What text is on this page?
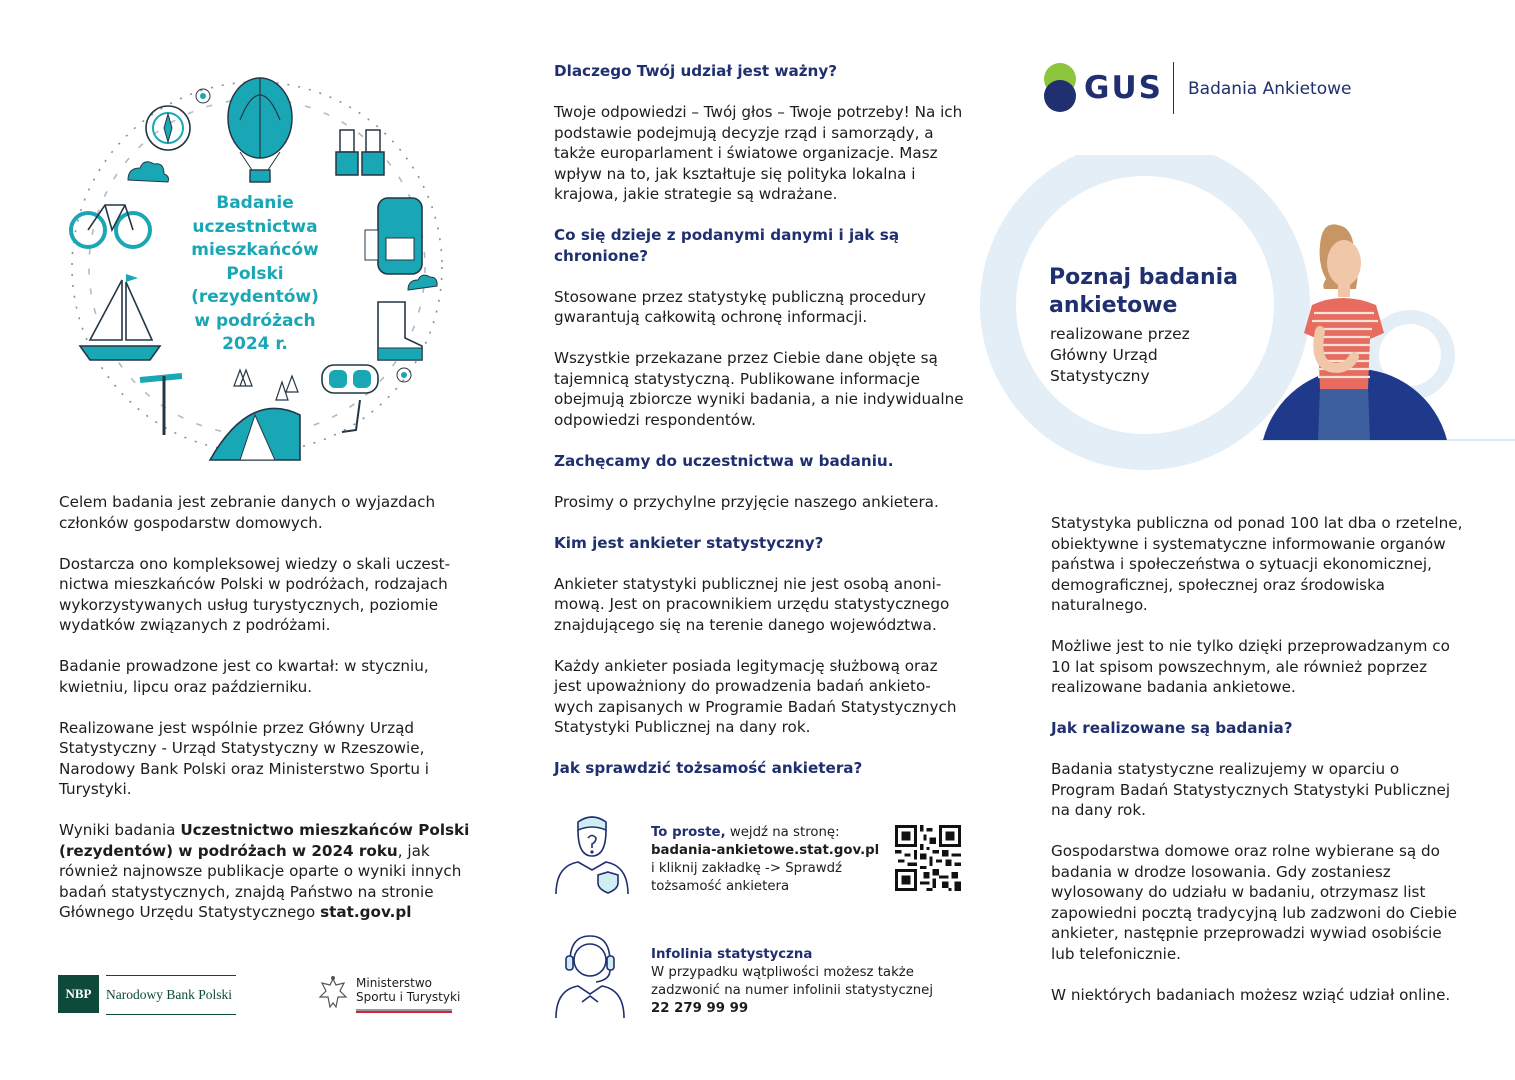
Badanie
uczestnictwa
mieszkańców
Polski
(rezydentów)
w podróżach
2024 r.

Celem badania jest zebranie danych o wyjazdach członków gospodarstw domowych.

Dostarcza ono kompleksowej wiedzy o skali uczestnictwa mieszkańców Polski w podróżach, rodzajach wykorzystywanych usług turystycznych, poziomie wydatków związanych z podróżami.

Badanie prowadzone jest co kwartał: w styczniu, kwietniu, lipcu oraz październiku.

Realizowane jest wspólnie przez Główny Urząd Statystyczny - Urząd Statystyczny w Rzeszowie, Narodowy Bank Polski oraz Ministerstwo Sportu i Turystyki.

Wyniki badania Uczestnictwo mieszkańców Polski (rezydentów) w podróżach w 2024 roku, jak również najnowsze publikacje oparte o wyniki innych badań statystycznych, znajdą Państwo na stronie Głównego Urzędu Statystycznego stat.gov.pl

NBP	Narodowy Bank Polski
Ministerstwo
Sportu i Turystyki

Dlaczego Twój udział jest ważny?

Twoje odpowiedzi – Twój głos – Twoje potrzeby! Na ich podstawie podejmują decyzje rząd i samorządy, a także europarlament i światowe organizacje. Masz wpływ na to, jak kształtuje się polityka lokalna i krajowa, jakie strategie są wdrażane.

Co się dzieje z podanymi danymi i jak są chronione?

Stosowane przez statystykę publiczną procedury gwarantują całkowitą ochronę informacji.

Wszystkie przekazane przez Ciebie dane objęte są tajemnicą statystyczną. Publikowane informacje obejmują zbiorcze wyniki badania, a nie indywidualne odpowiedzi respondentów.

Zachęcamy do uczestnictwa w badaniu.

Prosimy o przychylne przyjęcie naszego ankietera.

Kim jest ankieter statystyczny?

Ankieter statystyki publicznej nie jest osobą anonimową. Jest on pracownikiem urzędu statystycznego znajdującego się na terenie danego województwa.

Każdy ankieter posiada legitymację służbową oraz jest upoważniony do prowadzenia badań ankietowych zapisanych w Programie Badań Statystycznych Statystyki Publicznej na dany rok.

Jak sprawdzić tożsamość ankietera?

To proste, wejdź na stronę:
badania-ankietowe.stat.gov.pl
i kliknij zakładkę -> Sprawdź
tożsamość ankietera
Infolinia statystyczna
W przypadku wątpliwości możesz także
zadzwonić na numer infolinii statystycznej
22 279 99 99
GUS Badania Ankietowe
Poznaj badania ankietowe
realizowane przez Główny Urząd Statystyczny

Statystyka publiczna od ponad 100 lat dba o rzetelne, obiektywne i systematyczne informowanie organów państwa i społeczeństwa o sytuacji ekonomicznej, demograficznej, społecznej oraz środowiska naturalnego.

Możliwe jest to nie tylko dzięki przeprowadzanym co 10 lat spisom powszechnym, ale również poprzez realizowane badania ankietowe.

Jak realizowane są badania?

Badania statystyczne realizujemy w oparciu o Program Badań Statystycznych Statystyki Publicznej na dany rok.

Gospodarstwa domowe oraz rolne wybierane są do badania w drodze losowania. Gdy zostaniesz wylosowany do udziału w badaniu, otrzymasz list zapowiedni pocztą tradycyjną lub zadzwoni do Ciebie ankieter, następnie przeprowadzi wywiad osobiście lub telefonicznie.

W niektórych badaniach możesz wziąć udział online.
